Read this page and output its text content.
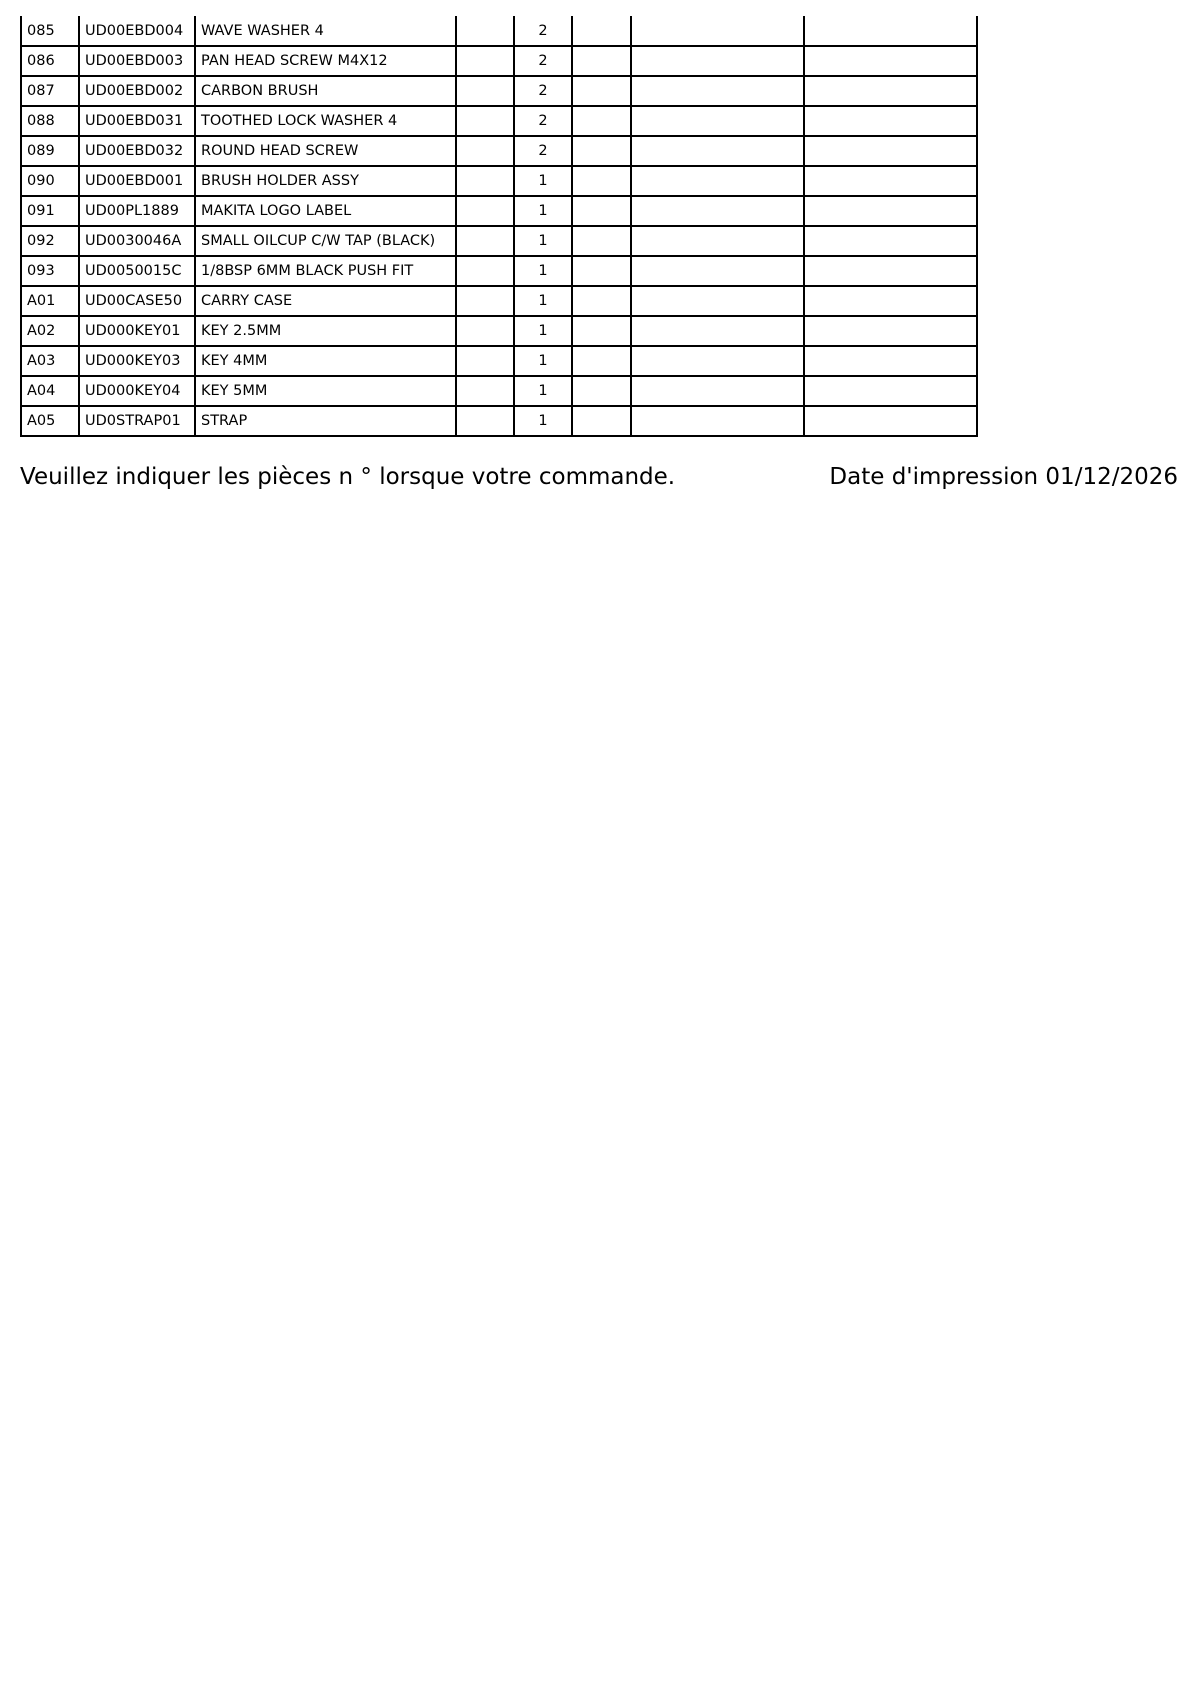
085	UD00EBD004	WAVE WASHER 4		2			
086	UD00EBD003	PAN HEAD SCREW M4X12		2			
087	UD00EBD002	CARBON BRUSH		2			
088	UD00EBD031	TOOTHED LOCK WASHER 4		2			
089	UD00EBD032	ROUND HEAD SCREW		2			
090	UD00EBD001	BRUSH HOLDER ASSY		1			
091	UD00PL1889	MAKITA LOGO LABEL		1			
092	UD0030046A	SMALL OILCUP C/W TAP (BLACK)		1			
093	UD0050015C	1/8BSP 6MM BLACK PUSH FIT		1			
A01	UD00CASE50	CARRY CASE		1			
A02	UD000KEY01	KEY 2.5MM		1			
A03	UD000KEY03	KEY 4MM		1			
A04	UD000KEY04	KEY 5MM		1			
A05	UD0STRAP01	STRAP		1			
Veuillez indiquer les pièces n ° lorsque votre commande.	Date d'impression 01/12/2026
